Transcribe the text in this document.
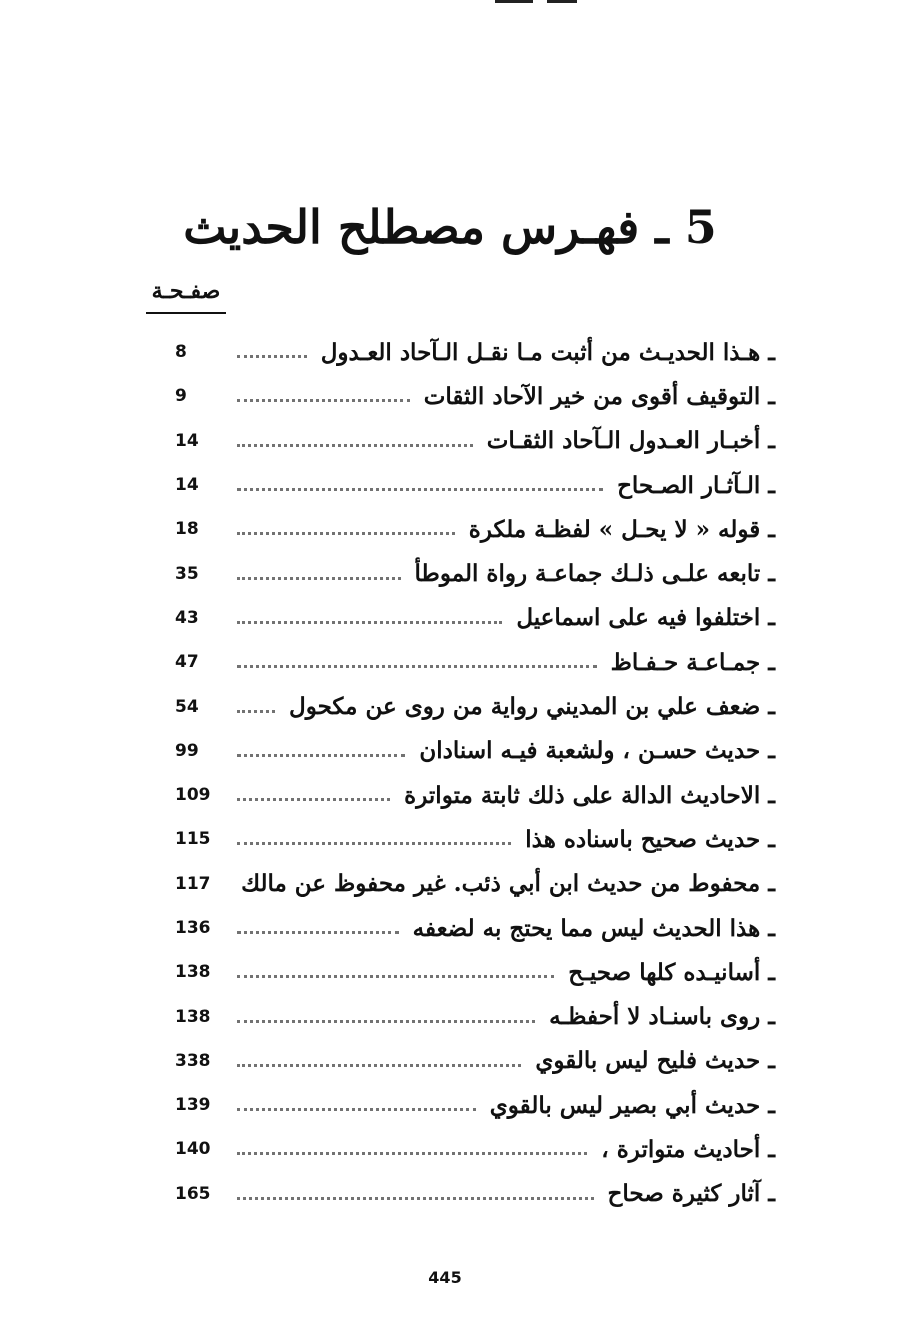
5 ـ فهـرس مصطلح الحديث
صفـحـة
ـ هـذا الحديـث من أثبت مـا نقـل الـآحاد العـدول
8
ـ التوقيف أقوى من خير الآحاد الثقات
9
ـ أخبـار العـدول الـآحاد الثقـات
14
ـ الـآثـار الصـحاح
14
ـ قوله « لا يحـل » لفظـة ملكرة
18
ـ تابعه علـى ذلـك جماعـة رواة الموطأ
35
ـ اختلفوا فيه على اسماعيل
43
ـ جمـاعـة حـفـاظ
47
ـ ضعف علي بن المديني رواية من روى عن مكحول
54
ـ حديث حسـن ، ولشعبة فيـه اسنادان
99
ـ الاحاديث الدالة على ذلك ثابتة متواترة
109
ـ حديث صحيح باسناده هذا
115
ـ محفوط من حديث ابن أبي ذئب. غير محفوظ عن مالك
117
ـ هذا الحديث ليس مما يحتج به لضعفه
136
ـ أسانيـده كلها صحيـح
138
ـ روى باسنـاد لا أحفظـه
138
ـ حديث فليح ليس بالقوي
338
ـ حديث أبي بصير ليس بالقوي
139
ـ أحاديث متواترة ،
140
ـ آثار كثيرة صحاح
165
445
